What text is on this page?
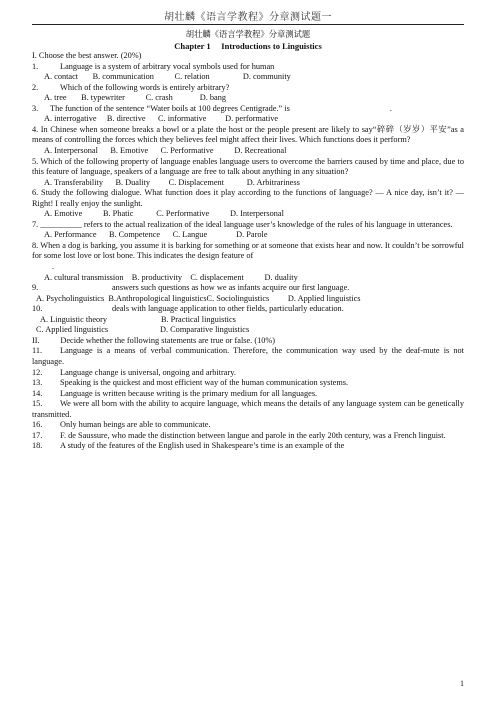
胡壮麟《语言学教程》分章测试题一
胡壮麟《语言学教程》分章测试题
Chapter 1　 Introductions to Linguistics
I. Choose the best answer. (20%)
1.	Language is a system of arbitrary vocal symbols used for human
A. contact       B. communication          C. relation                D. community
2.	Which of the following words is entirely arbitrary?
A. tree       B. typewriter          C. crash             D. bang
3. The function of the sentence “Water boils at 100 degrees Centigrade.” is	.
A. interrogative     B. directive      C. informative         D. performative
4. In Chinese when someone breaks a bowl or a plate the host or the people present are likely to say“碎碎（岁岁）平安”as a means of controlling the forces which they believes feel might affect their lives. Which functions does it perform?
A. Interpersonal      B. Emotive      C. Performative          D. Recreational
5. Which of the following property of language enables language users to overcome the barriers caused by time and place, due to this feature of language, speakers of a language are free to talk about anything in any situation?
A. Transferability      B. Duality         C. Displacement           D. Arbitrariness
6. Study the following dialogue. What function does it play according to the functions of language? — A nice day, isn’t it? — Right! I really enjoy the sunlight.
A. Emotive          B. Phatic           C. Performative          D. Interpersonal
7. __________ refers to the actual realization of the ideal language user’s knowledge of the rules of his language in utterances.
A. Performance      B. Competence      C. Langue              D. Parole
8. When a dog is barking, you assume it is barking for something or at someone that exists hear and now. It couldn’t be sorrowful for some lost love or lost bone. This indicates the design feature of
.
A. cultural transmission    B. productivity    C. displacement          D. duality
9.	answers such questions as how we as infants acquire our first language.
A. Psycholinguistics  B.Anthropological linguisticsC. Sociolinguistics         D. Applied linguistics
10.	deals with language application to other fields, particularly education.
A. Linguistic theory                          B. Practical linguistics
C. Applied linguistics                         D. Comparative linguistics
II.          Decide whether the following statements are true or false. (10%)
11. Language is a means of verbal communication. Therefore, the communication way used by the deaf-mute is not language.
12. Language change is universal, ongoing and arbitrary.
13. Speaking is the quickest and most efficient way of the human communication systems.
14. Language is written because writing is the primary medium for all languages.
15. We were all born with the ability to acquire language, which means the details of any language system can be genetically transmitted.
16. Only human beings are able to communicate.
17. F. de Saussure, who made the distinction between langue and parole in the early 20th century, was a French linguist.
18. A study of the features of the English used in Shakespeare’s time is an example of the
1
